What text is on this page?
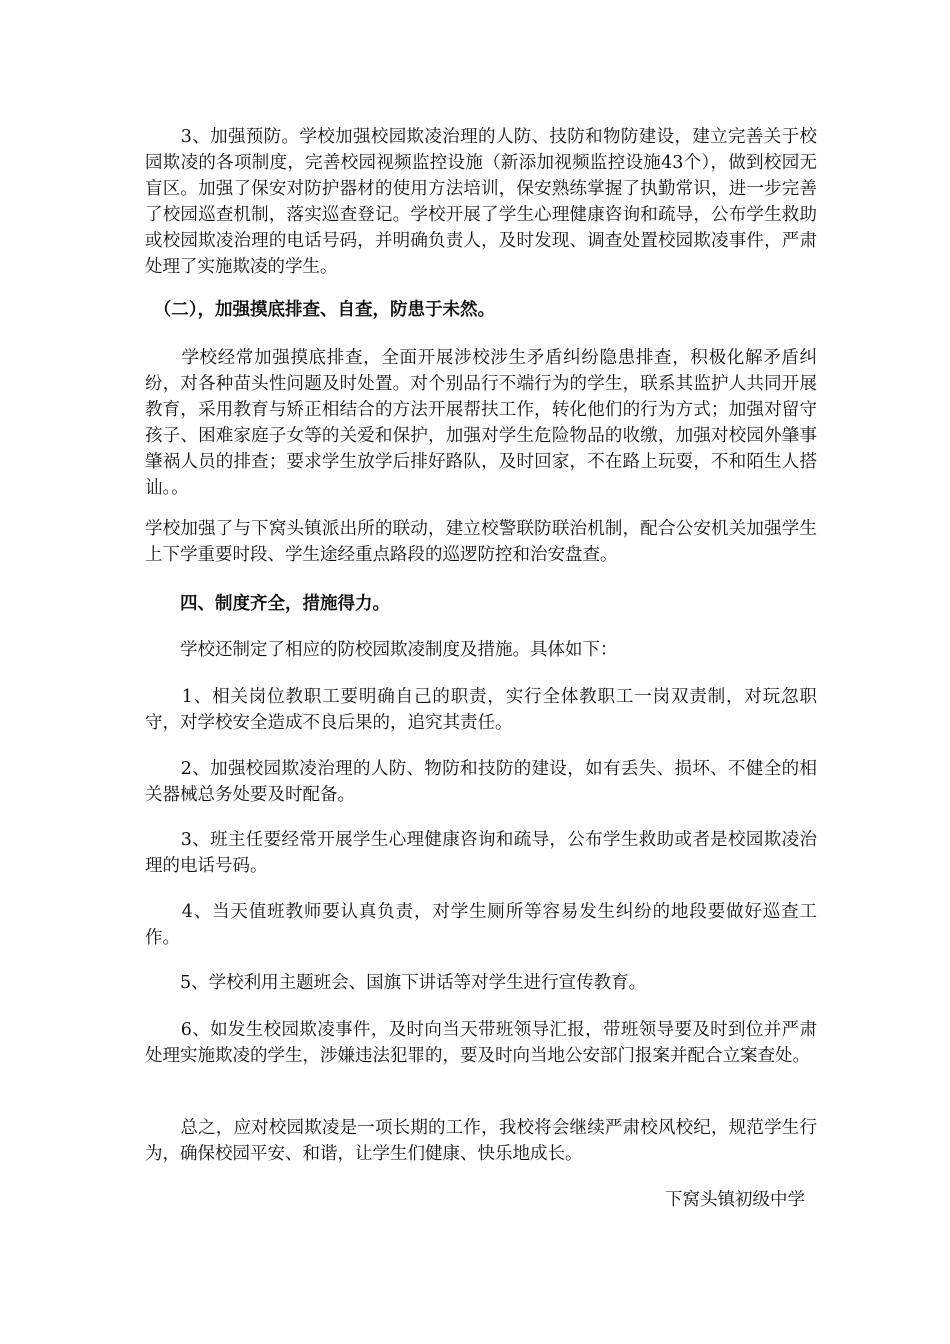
　　3、加强预防。学校加强校园欺凌治理的人防、技防和物防建设，建立完善关于校园欺凌的各项制度，完善校园视频监控设施（新添加视频监控设施43个），做到校园无盲区。加强了保安对防护器材的使用方法培训，保安熟练掌握了执勤常识，进一步完善了校园巡查机制，落实巡查登记。学校开展了学生心理健康咨询和疏导，公布学生救助或校园欺凌治理的电话号码，并明确负责人，及时发现、调查处置校园欺凌事件，严肃处理了实施欺凌的学生。

　（二），加强摸底排查、自查，防患于未然。

　　学校经常加强摸底排查，全面开展涉校涉生矛盾纠纷隐患排查，积极化解矛盾纠纷，对各种苗头性问题及时处置。对个别品行不端行为的学生，联系其监护人共同开展教育，采用教育与矫正相结合的方法开展帮扶工作，转化他们的行为方式；加强对留守孩子、困难家庭子女等的关爱和保护，加强对学生危险物品的收缴，加强对校园外肇事肇祸人员的排查；要求学生放学后排好路队，及时回家，不在路上玩耍，不和陌生人搭讪。。

学校加强了与下窝头镇派出所的联动，建立校警联防联治机制，配合公安机关加强学生上下学重要时段、学生途经重点路段的巡逻防控和治安盘查。

　　四、制度齐全，措施得力。

　　学校还制定了相应的防校园欺凌制度及措施。具体如下：

　　1、相关岗位教职工要明确自己的职责，实行全体教职工一岗双责制，对玩忽职守，对学校安全造成不良后果的，追究其责任。

　　2、加强校园欺凌治理的人防、物防和技防的建设，如有丢失、损坏、不健全的相关器械总务处要及时配备。

　　3、班主任要经常开展学生心理健康咨询和疏导，公布学生救助或者是校园欺凌治理的电话号码。

　　4、当天值班教师要认真负责，对学生厕所等容易发生纠纷的地段要做好巡查工作。

　　5、学校利用主题班会、国旗下讲话等对学生进行宣传教育。

　　6、如发生校园欺凌事件，及时向当天带班领导汇报，带班领导要及时到位并严肃处理实施欺凌的学生，涉嫌违法犯罪的，要及时向当地公安部门报案并配合立案查处。

　　总之，应对校园欺凌是一项长期的工作，我校将会继续严肃校风校纪，规范学生行为，确保校园平安、和谐，让学生们健康、快乐地成长。

下窝头镇初级中学
